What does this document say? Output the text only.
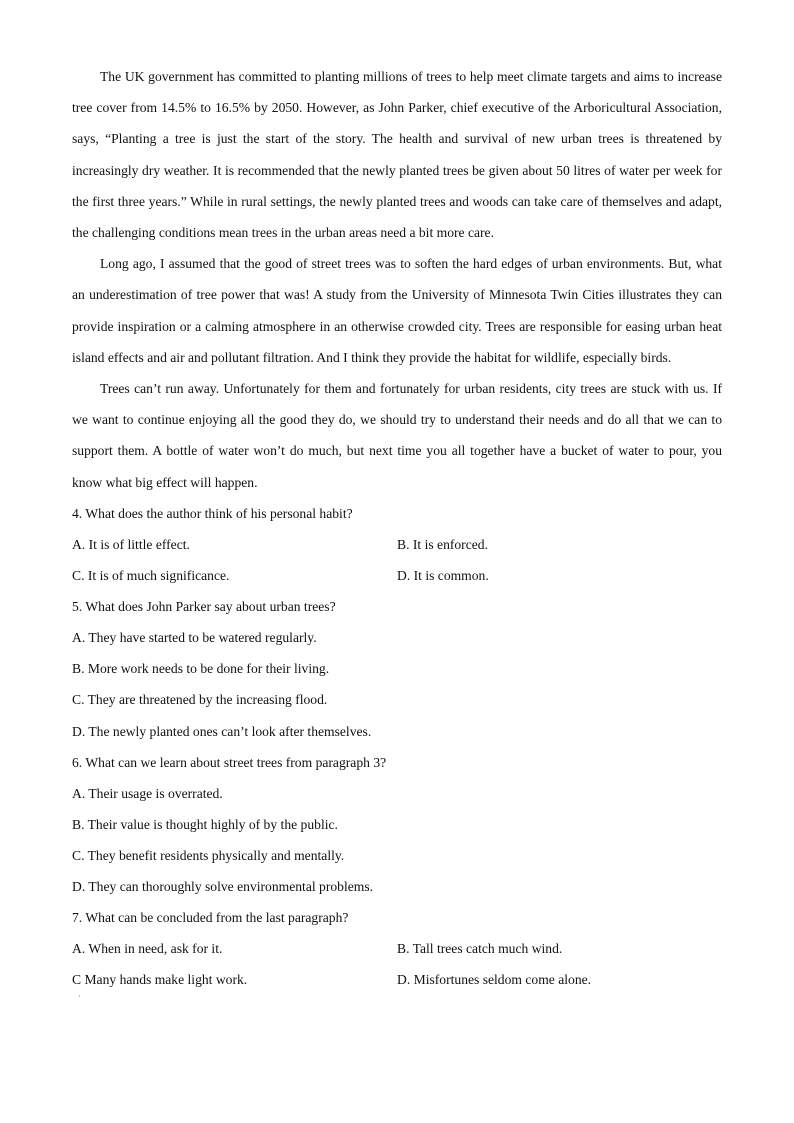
The UK government has committed to planting millions of trees to help meet climate targets and aims to increase tree cover from 14.5% to 16.5% by 2050. However, as John Parker, chief executive of the Arboricultural Association, says, “Planting a tree is just the start of the story. The health and survival of new urban trees is threatened by increasingly dry weather. It is recommended that the newly planted trees be given about 50 litres of water per week for the first three years.” While in rural settings, the newly planted trees and woods can take care of themselves and adapt, the challenging conditions mean trees in the urban areas need a bit more care.

Long ago, I assumed that the good of street trees was to soften the hard edges of urban environments. But, what an underestimation of tree power that was! A study from the University of Minnesota Twin Cities illustrates they can provide inspiration or a calming atmosphere in an otherwise crowded city. Trees are responsible for easing urban heat island effects and air and pollutant filtration. And I think they provide the habitat for wildlife, especially birds.

Trees can’t run away. Unfortunately for them and fortunately for urban residents, city trees are stuck with us. If we want to continue enjoying all the good they do, we should try to understand their needs and do all that we can to support them. A bottle of water won’t do much, but next time you all together have a bucket of water to pour, you know what big effect will happen.

4. What does the author think of his personal habit?

A. It is of little effect.	B. It is enforced.
C. It is of much significance.	D. It is common.

5. What does John Parker say about urban trees?

A. They have started to be watered regularly.
B. More work needs to be done for their living.
C. They are threatened by the increasing flood.
D. The newly planted ones can’t look after themselves.

6. What can we learn about street trees from paragraph 3?

A. Their usage is overrated.
B. Their value is thought highly of by the public.
C. They benefit residents physically and mentally.
D. They can thoroughly solve environmental problems.

7. What can be concluded from the last paragraph?

A. When in need, ask for it.	B. Tall trees catch much wind.
C Many hands make light work.	D. Misfortunes seldom come alone.
·
